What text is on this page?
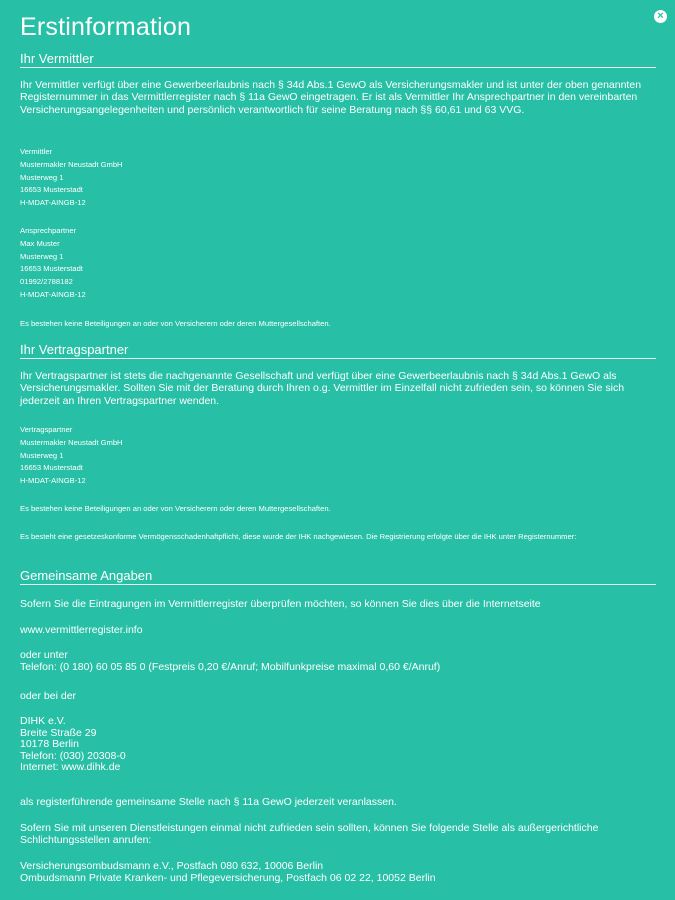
×
Erstinformation
Ihr Vermittler

Ihr Vermittler verfügt über eine Gewerbeerlaubnis nach § 34d Abs.1 GewO als Versicherungsmakler und ist unter der oben genannten Registernummer in das Vermittlerregister nach § 11a GewO eingetragen. Er ist als Vermittler Ihr Ansprechpartner in den vereinbarten Versicherungsangelegenheiten und persönlich verantwortlich für seine Beratung nach §§ 60,61 und 63 VVG.

Vermittler
Mustermakler Neustadt GmbH
Musterweg 1
16653 Musterstadt
H-MDAT-AINGB-12
Ansprechpartner
Max Muster
Musterweg 1
16653 Musterstadt
01992/2788182
H-MDAT-AINGB-12

Es bestehen keine Beteiligungen an oder von Versicherern oder deren Muttergesellschaften.

Ihr Vertragspartner

Ihr Vertragspartner ist stets die nachgenannte Gesellschaft und verfügt über eine Gewerbeerlaubnis nach § 34d Abs.1 GewO als Versicherungsmakler. Sollten Sie mit der Beratung durch Ihren o.g. Vermittler im Einzelfall nicht zufrieden sein, so können Sie sich jederzeit an Ihren Vertragspartner wenden.

Vertragspartner
Mustermakler Neustadt GmbH
Musterweg 1
16653 Musterstadt
H-MDAT-AINGB-12

Es bestehen keine Beteiligungen an oder von Versicherern oder deren Muttergesellschaften.

Es besteht eine gesetzeskonforme Vermögensschadenhaftpflicht, diese wurde der IHK nachgewiesen. Die Registrierung erfolgte über die IHK unter Registernummer:

Gemeinsame Angaben

Sofern Sie die Eintragungen im Vermittlerregister überprüfen möchten, so können Sie dies über die Internetseite

www.vermittlerregister.info

oder unter
Telefon: (0 180) 60 05 85 0 (Festpreis 0,20 €/Anruf; Mobilfunkpreise maximal 0,60 €/Anruf)

oder bei der

DIHK e.V.
Breite Straße 29
10178 Berlin
Telefon: (030) 20308-0
Internet: www.dihk.de

als registerführende gemeinsame Stelle nach § 11a GewO jederzeit veranlassen.

Sofern Sie mit unseren Dienstleistungen einmal nicht zufrieden sein sollten, können Sie folgende Stelle als außergerichtliche Schlichtungsstellen anrufen:

Versicherungsombudsmann e.V., Postfach 080 632, 10006 Berlin
Ombudsmann Private Kranken- und Pflegeversicherung, Postfach 06 02 22, 10052 Berlin
